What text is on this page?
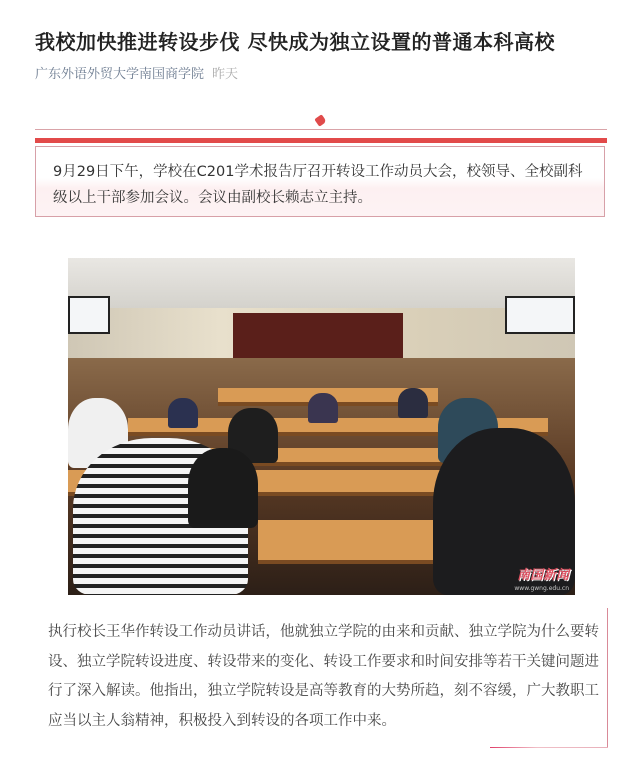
我校加快推进转设步伐 尽快成为独立设置的普通本科高校
广东外语外贸大学南国商学院 昨天

9月29日下午，学校在C201学术报告厅召开转设工作动员大会，校领导、全校副科级以上干部参加会议。会议由副校长赖志立主持。

南国新闻
www.gwng.edu.cn

执行校长王华作转设工作动员讲话，他就独立学院的由来和贡献、独立学院为什么要转设、独立学院转设进度、转设带来的变化、转设工作要求和时间安排等若干关键问题进行了深入解读。他指出，独立学院转设是高等教育的大势所趋，刻不容缓，广大教职工应当以主人翁精神，积极投入到转设的各项工作中来。
